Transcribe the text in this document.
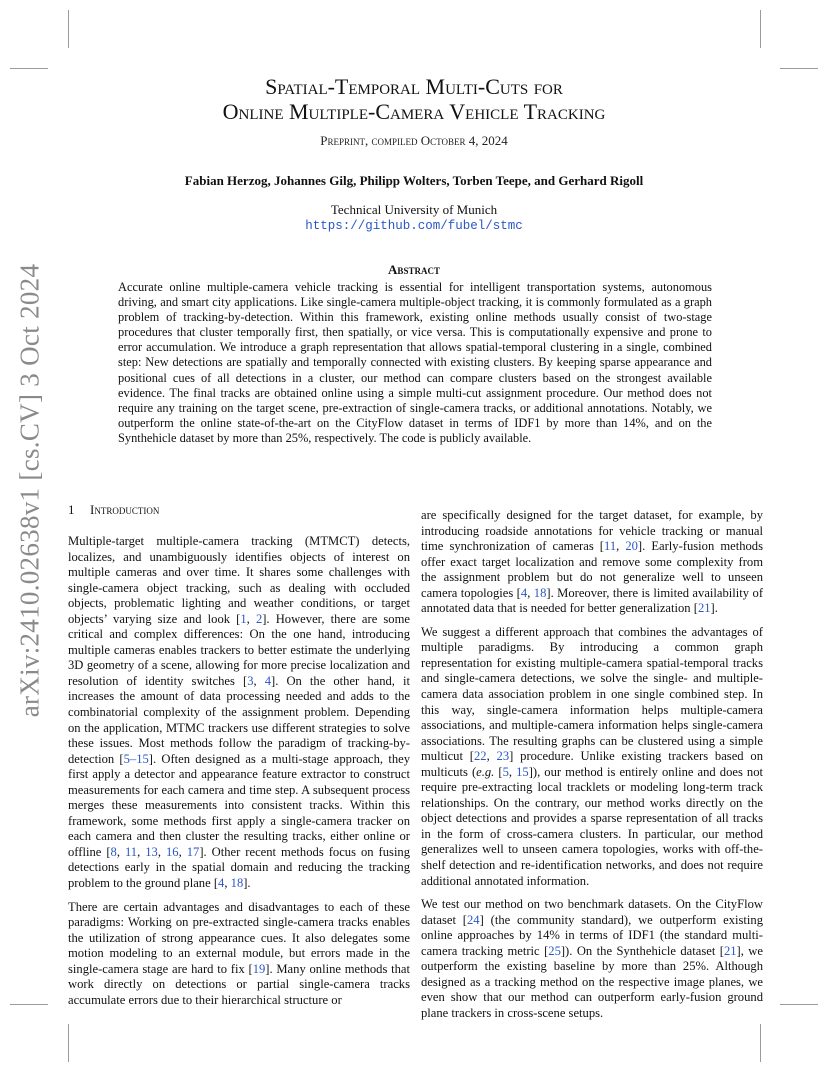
arXiv:2410.02638v1 [cs.CV] 3 Oct 2024
Spatial-Temporal Multi-Cuts for
Online Multiple-Camera Vehicle Tracking
Preprint, compiled October 4, 2024
Fabian Herzog, Johannes Gilg, Philipp Wolters, Torben Teepe, and Gerhard Rigoll
Technical University of Munich
https://github.com/fubel/stmc
Abstract

Accurate online multiple-camera vehicle tracking is essential for intelligent transportation systems, autonomous driving, and smart city applications. Like single-camera multiple-object tracking, it is commonly formulated as a graph problem of tracking-by-detection. Within this framework, existing online methods usually consist of two-stage procedures that cluster temporally first, then spatially, or vice versa. This is computationally expensive and prone to error accumulation. We introduce a graph representation that allows spatial-temporal clustering in a single, combined step: New detections are spatially and temporally connected with existing clusters. By keeping sparse appearance and positional cues of all detections in a cluster, our method can compare clusters based on the strongest available evidence. The final tracks are obtained online using a simple multi-cut assignment procedure. Our method does not require any training on the target scene, pre-extraction of single-camera tracks, or additional annotations. Notably, we outperform the online state-of-the-art on the CityFlow dataset in terms of IDF1 by more than 14%, and on the Synthehicle dataset by more than 25%, respectively. The code is publicly available.

1 Introduction

Multiple-target multiple-camera tracking (MTMCT) detects, localizes, and unambiguously identifies objects of interest on multiple cameras and over time. It shares some challenges with single-camera object tracking, such as dealing with occluded objects, problematic lighting and weather conditions, or target objects’ varying size and look [1, 2]. However, there are some critical and complex differences: On the one hand, introducing multiple cameras enables trackers to better estimate the underlying 3D geometry of a scene, allowing for more precise localization and resolution of identity switches [3, 4]. On the other hand, it increases the amount of data processing needed and adds to the combinatorial complexity of the assignment problem. Depending on the application, MTMC trackers use different strategies to solve these issues. Most methods follow the paradigm of tracking-by-detection [5–15]. Often designed as a multi-stage approach, they first apply a detector and appearance feature extractor to construct measurements for each camera and time step. A subsequent process merges these measurements into consistent tracks. Within this framework, some methods first apply a single-camera tracker on each camera and then cluster the resulting tracks, either online or offline [8, 11, 13, 16, 17]. Other recent methods focus on fusing detections early in the spatial domain and reducing the tracking problem to the ground plane [4, 18].

There are certain advantages and disadvantages to each of these paradigms: Working on pre-extracted single-camera tracks enables the utilization of strong appearance cues. It also delegates some motion modeling to an external module, but errors made in the single-camera stage are hard to fix [19]. Many online methods that work directly on detections or partial single-camera tracks accumulate errors due to their hierarchical structure or

are specifically designed for the target dataset, for example, by introducing roadside annotations for vehicle tracking or manual time synchronization of cameras [11, 20]. Early-fusion methods offer exact target localization and remove some complexity from the assignment problem but do not generalize well to unseen camera topologies [4, 18]. Moreover, there is limited availability of annotated data that is needed for better generalization [21].

We suggest a different approach that combines the advantages of multiple paradigms. By introducing a common graph representation for existing multiple-camera spatial-temporal tracks and single-camera detections, we solve the single- and multiple-camera data association problem in one single combined step. In this way, single-camera information helps multiple-camera associations, and multiple-camera information helps single-camera associations. The resulting graphs can be clustered using a simple multicut [22, 23] procedure. Unlike existing trackers based on multicuts (e.g. [5, 15]), our method is entirely online and does not require pre-extracting local tracklets or modeling long-term track relationships. On the contrary, our method works directly on the object detections and provides a sparse representation of all tracks in the form of cross-camera clusters. In particular, our method generalizes well to unseen camera topologies, works with off-the-shelf detection and re-identification networks, and does not require additional annotated information.

We test our method on two benchmark datasets. On the CityFlow dataset [24] (the community standard), we outperform existing online approaches by 14% in terms of IDF1 (the standard multi-camera tracking metric [25]). On the Synthehicle dataset [21], we outperform the existing baseline by more than 25%. Although designed as a tracking method on the respective image planes, we even show that our method can outperform early-fusion ground plane trackers in cross-scene setups.
